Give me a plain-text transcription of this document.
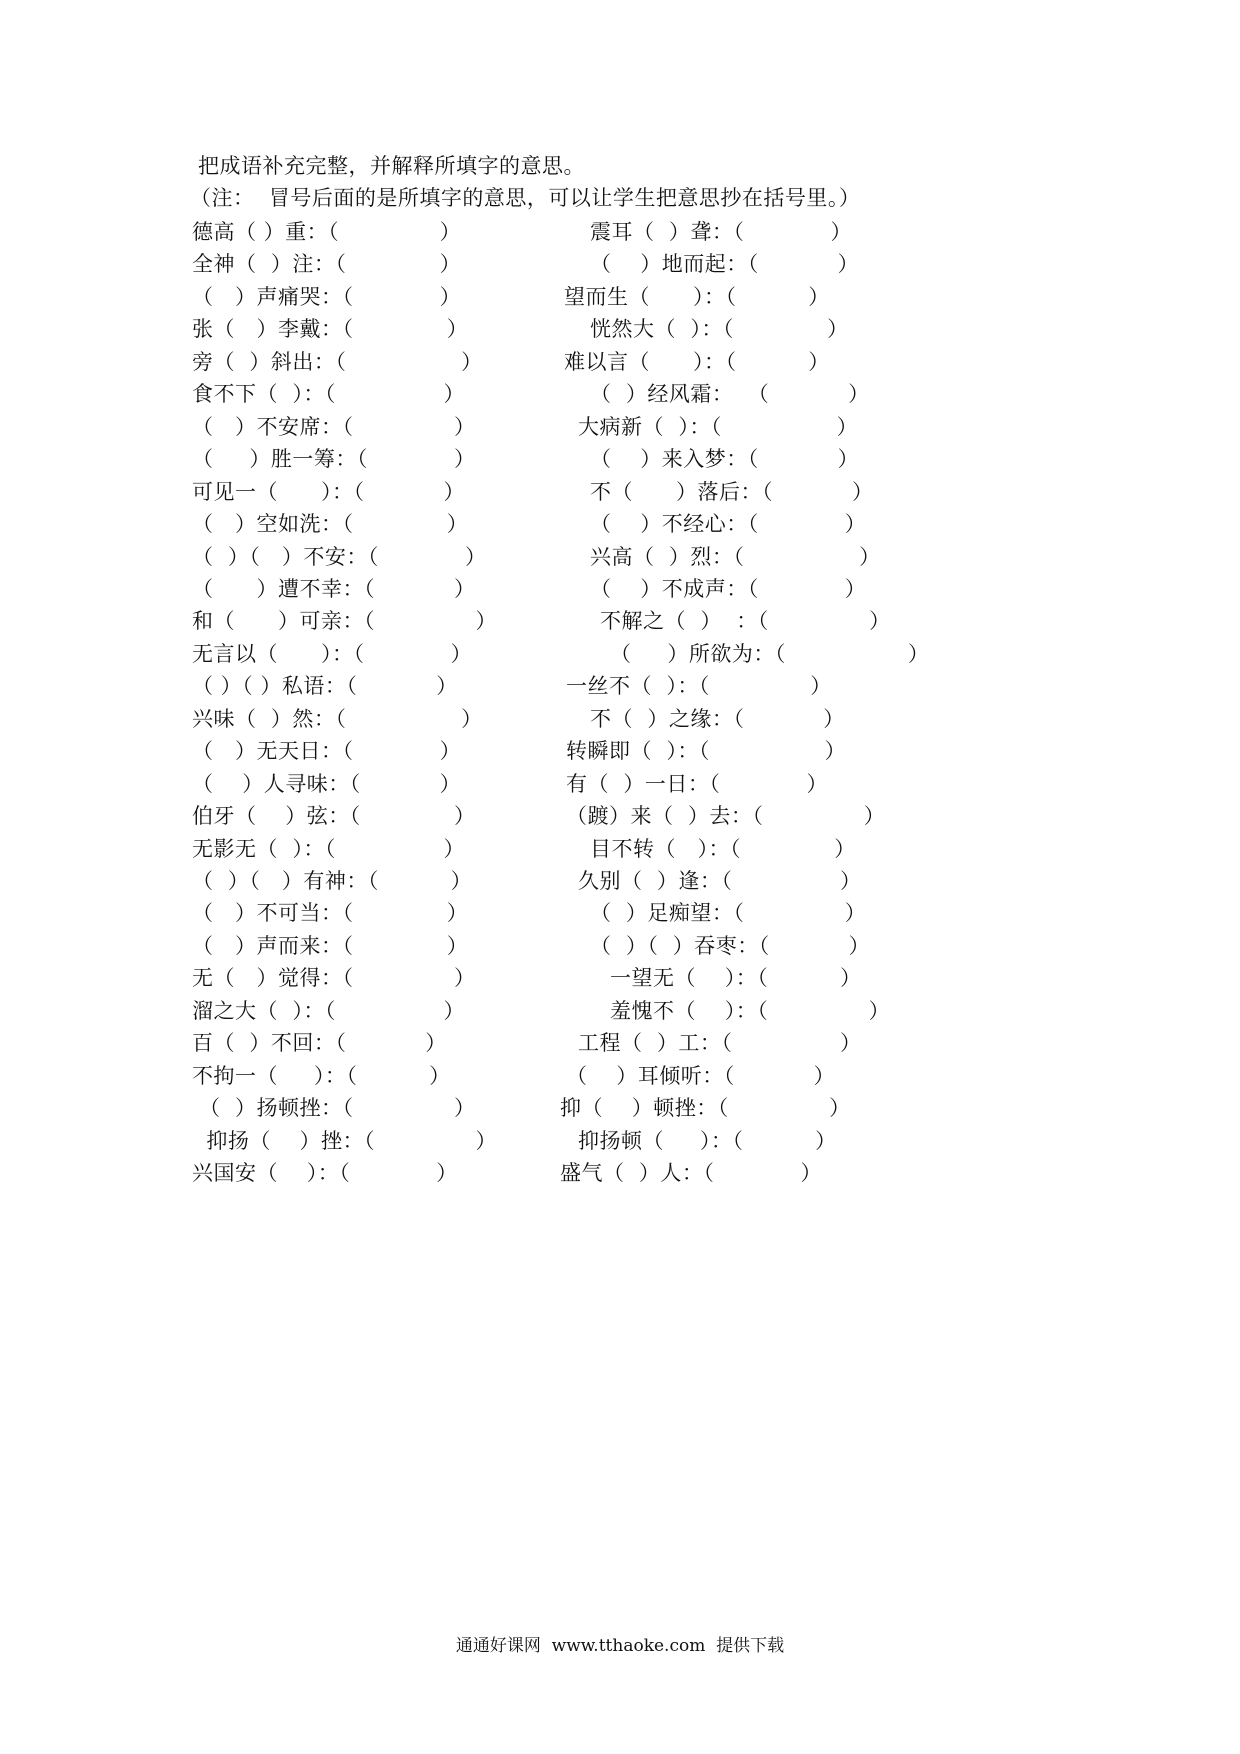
把成语补充完整，并解释所填字的意思。
（注：  冒号后面的是所填字的意思，可以让学生把意思抄在括号里。）
德高（ ）重：（              ）	震耳（  ）聋：（            ）
全神（  ）注：（             ）	（    ）地而起：（           ）
（   ）声痛哭：（            ）	望而生（      ）：（          ）
张（   ）李戴：（             ）	恍然大（  ）：（             ）
旁（  ）斜出：（                ）	难以言（      ）：（          ）
食不下（  ）：（               ）	（  ）经风霜：  （           ）
（   ）不安席：（              ）	大病新（  ）：（                ）
（     ）胜一筹：（            ）	（    ）来入梦：（           ）
可见一（      ）：（           ）	不（      ）落后：（           ）
（   ）空如洗：（             ）	（    ）不经心：（            ）
（  ）（   ）不安：（            ）	兴高（  ）烈：（                ）
（      ）遭不幸：（           ）	（    ）不成声：（            ）
和（      ）可亲：（              ）	不解之（  ）  ：（              ）
无言以（      ）：（            ）	（     ）所欲为：（                 ）
（ ）（ ）私语：（           ）	一丝不（  ）：（              ）
兴味（  ）然：（                ）	不（  ）之缘：（           ）
（   ）无天日：（            ）	转瞬即（  ）：（                ）
（    ）人寻味：（           ）	有（  ）一日：（            ）
伯牙（    ）弦：（             ）	（踱）来（  ）去：（              ）
无影无（  ）：（               ）	目不转（   ）：（             ）
（  ）（   ）有神：（          ）	久别（  ）逢：（               ）
（   ）不可当：（             ）	（  ）足痴望：（              ）
（   ）声而来：（             ）	（  ）（  ）吞枣：（           ）
无（   ）觉得：（              ）	一望无（    ）：（          ）
溜之大（  ）：（               ）	羞愧不（    ）：（              ）
百（  ）不回：（           ）	工程（  ）工：（               ）
不拘一（     ）：（          ）	（    ）耳倾听：（           ）
（  ）扬顿挫：（              ）	抑（    ）顿挫：（              ）
抑扬（    ）挫：（              ）	抑扬顿（     ）：（          ）
兴国安（    ）：（            ）	盛气（  ）人：（            ）
通通好课网  www.tthaoke.com  提供下载
